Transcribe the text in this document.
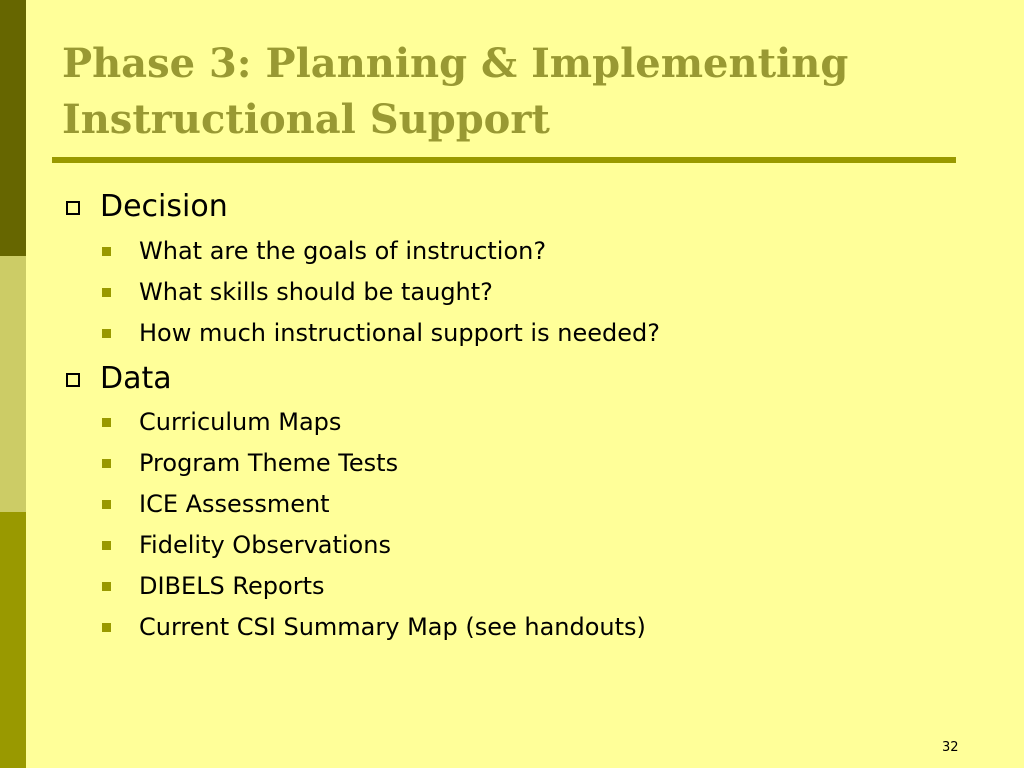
Phase 3: Planning & Implementing Instructional Support
Decision
What are the goals of instruction?
What skills should be taught?
How much instructional support is needed?
Data
Curriculum Maps
Program Theme Tests
ICE Assessment
Fidelity Observations
DIBELS Reports
Current CSI Summary Map (see handouts)
32
